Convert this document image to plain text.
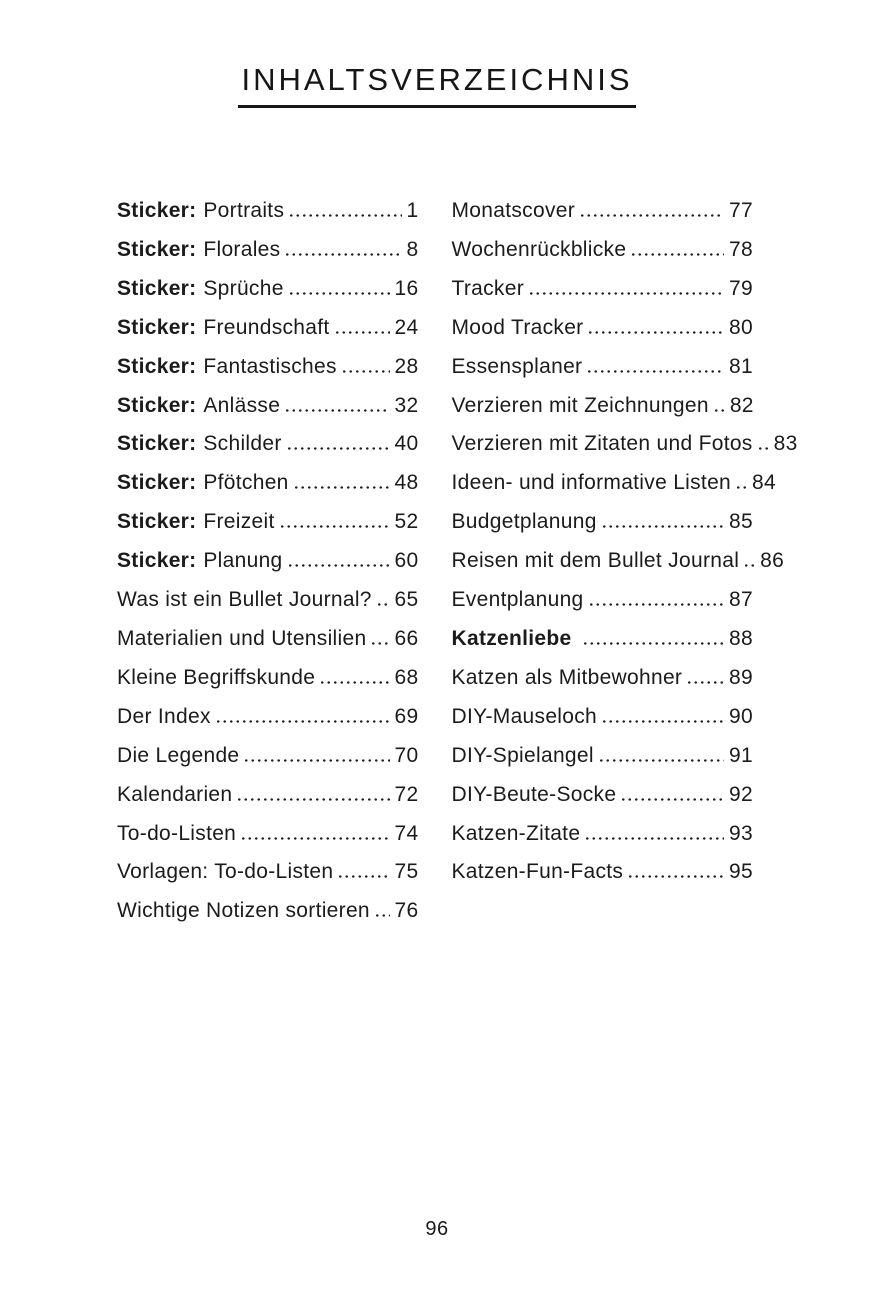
INHALTSVERZEICHNIS
Sticker: Portraits	1
Sticker: Florales	8
Sticker: Sprüche	16
Sticker: Freundschaft	24
Sticker: Fantastisches	28
Sticker: Anlässe	32
Sticker: Schilder	40
Sticker: Pfötchen	48
Sticker: Freizeit	52
Sticker: Planung	60
Was ist ein Bullet Journal? 65
Materialien und Utensilien 66
Kleine Begriffskunde	68
Der Index	69
Die Legende	70
Kalendarien	72
To-do-Listen	74
Vorlagen: To-do-Listen	75
Wichtige Notizen sortieren 76
Monatscover	77
Wochenrückblicke	78
Tracker	79
Mood Tracker	80
Essensplaner	81
Verzieren mit Zeichnungen 82
Verzieren mit Zitaten und Fotos 83
Ideen- und informative Listen 84
Budgetplanung	85
Reisen mit dem Bullet Journal 86
Eventplanung	87
Katzenliebe	88
Katzen als Mitbewohner 89
DIY-Mauseloch	90
DIY-Spielangel	91
DIY-Beute-Socke	92
Katzen-Zitate	93
Katzen-Fun-Facts	95
96
